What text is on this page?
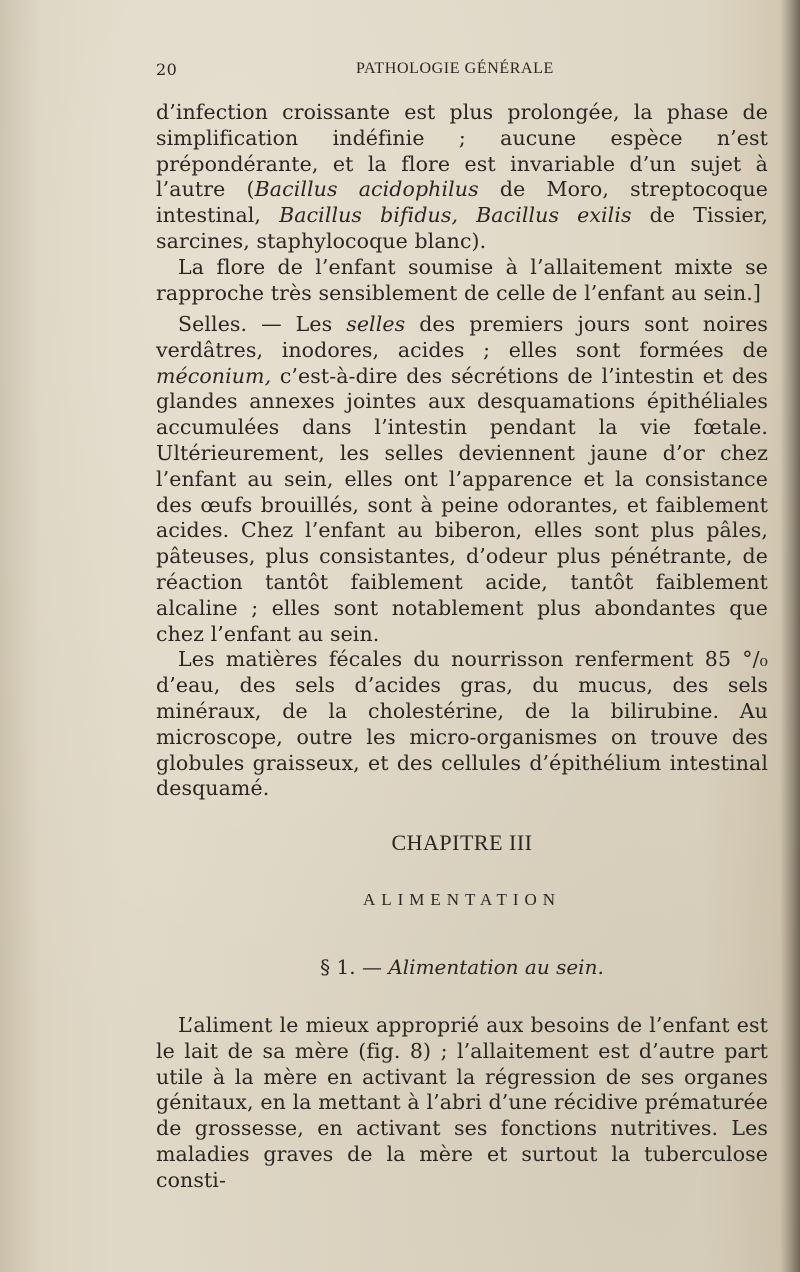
20	PATHOLOGIE GÉNÉRALE

d’infection croissante est plus prolongée, la phase de simplification indéfinie ; aucune espèce n’est prépondérante, et la flore est invariable d’un sujet à l’autre (Bacillus acidophilus de Moro, streptocoque intestinal, Bacillus bifidus, Bacillus exilis de Tissier, sarcines, staphylocoque blanc).

La flore de l’enfant soumise à l’allaitement mixte se rapproche très sensiblement de celle de l’enfant au sein.]

Selles. — Les selles des premiers jours sont noires verdâtres, inodores, acides ; elles sont formées de méconium, c’est-à-dire des sécrétions de l’intestin et des glandes annexes jointes aux desquamations épithéliales accumulées dans l’intestin pendant la vie fœtale. Ultérieurement, les selles deviennent jaune d’or chez l’enfant au sein, elles ont l’apparence et la consistance des œufs brouillés, sont à peine odorantes, et faiblement acides. Chez l’enfant au biberon, elles sont plus pâles, pâteuses, plus consistantes, d’odeur plus pénétrante, de réaction tantôt faiblement acide, tantôt faiblement alcaline ; elles sont notablement plus abondantes que chez l’enfant au sein.

Les matières fécales du nourrisson renferment 85 °/₀ d’eau, des sels d’acides gras, du mucus, des sels minéraux, de la cholestérine, de la bilirubine. Au microscope, outre les micro-organismes on trouve des globules graisseux, et des cellules d’épithélium intestinal desquamé.

CHAPITRE III
ALIMENTATION
§ 1. — Alimentation au sein.

L’aliment le mieux approprié aux besoins de l’enfant est le lait de sa mère (fig. 8) ; l’allaitement est d’autre part utile à la mère en activant la régression de ses organes génitaux, en la mettant à l’abri d’une récidive prématurée de grossesse, en activant ses fonctions nutritives. Les maladies graves de la mère et surtout la tuberculose consti-
